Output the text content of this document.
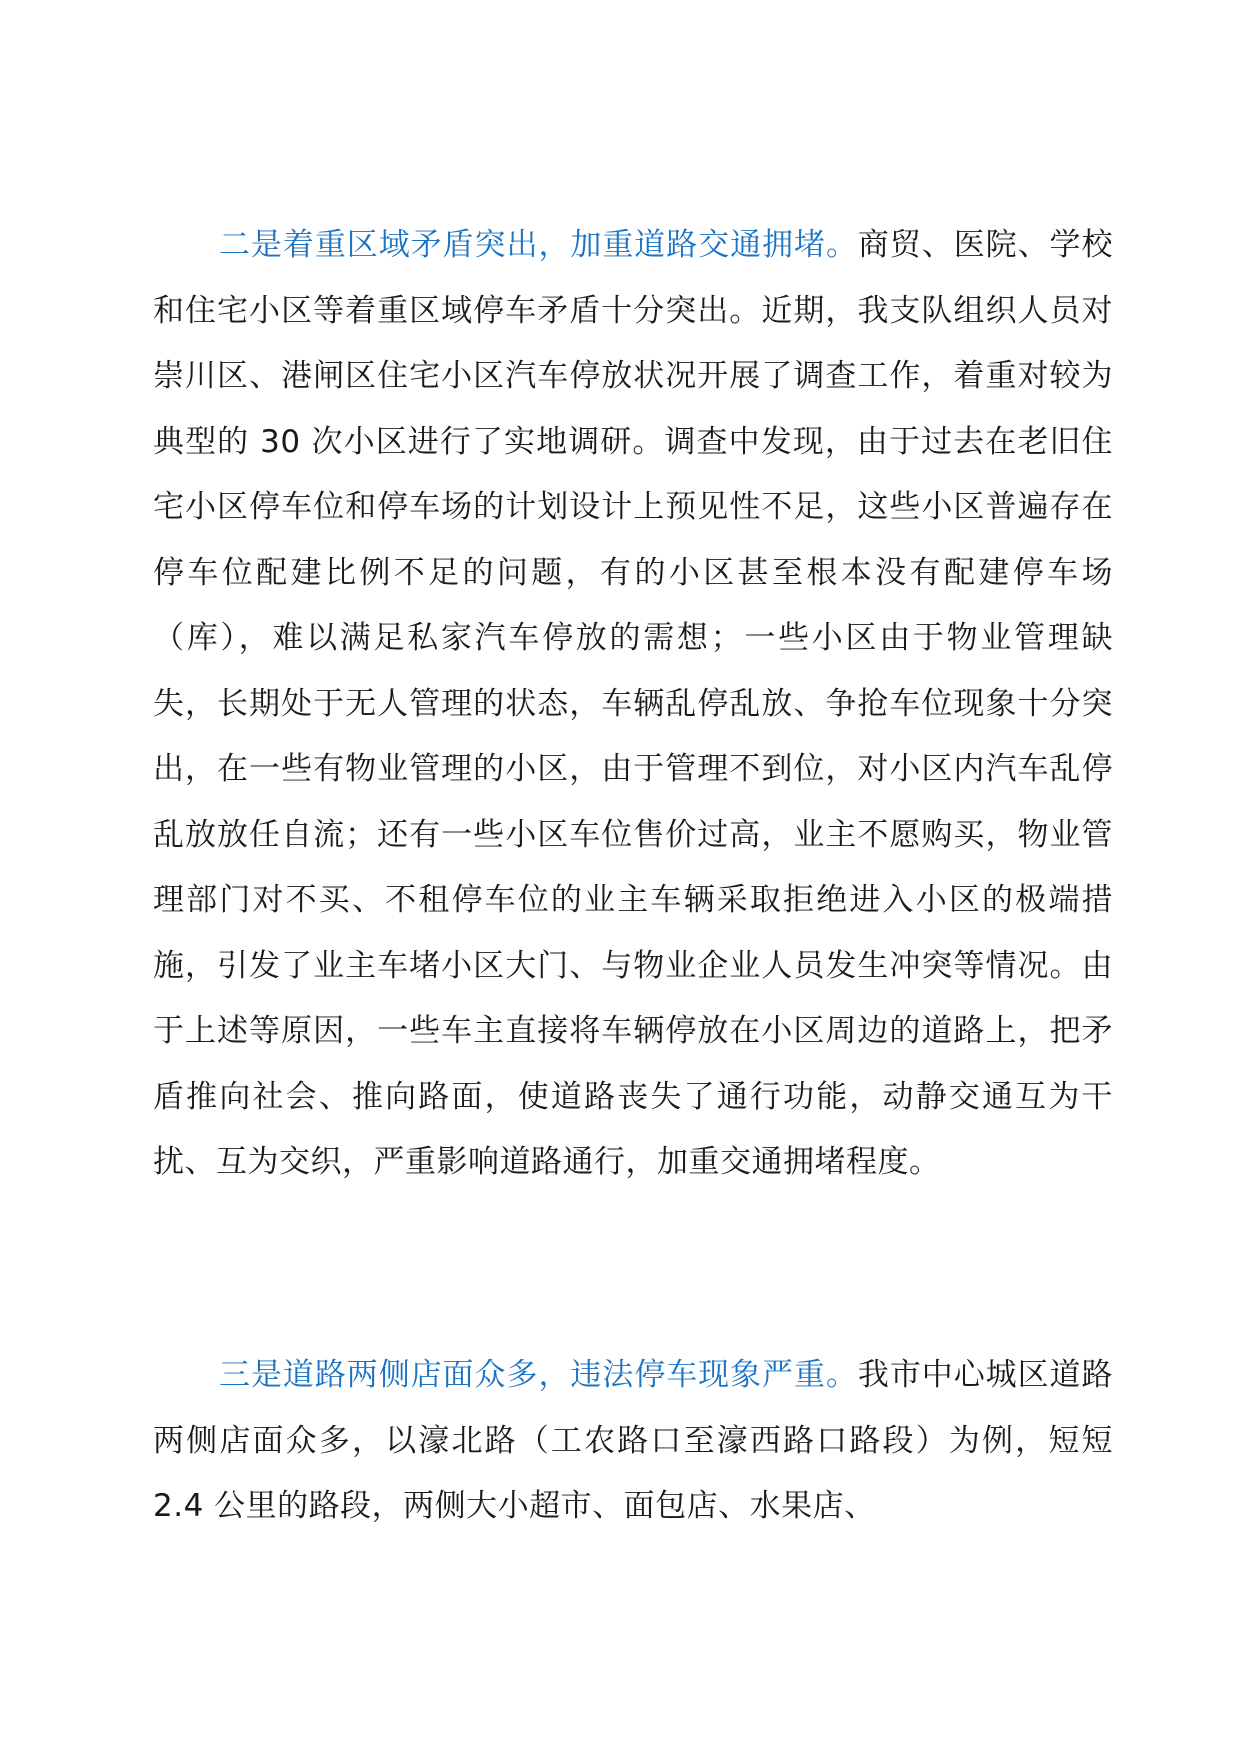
二是着重区域矛盾突出，加重道路交通拥堵。商贸、医院、学校和住宅小区等着重区域停车矛盾十分突出。近期，我支队组织人员对崇川区、港闸区住宅小区汽车停放状况开展了调查工作，着重对较为典型的 30 次小区进行了实地调研。调查中发现，由于过去在老旧住宅小区停车位和停车场的计划设计上预见性不足，这些小区普遍存在停车位配建比例不足的问题，有的小区甚至根本没有配建停车场（库），难以满足私家汽车停放的需想；一些小区由于物业管理缺失，长期处于无人管理的状态，车辆乱停乱放、争抢车位现象十分突出，在一些有物业管理的小区，由于管理不到位，对小区内汽车乱停乱放放任自流；还有一些小区车位售价过高，业主不愿购买，物业管理部门对不买、不租停车位的业主车辆采取拒绝进入小区的极端措施，引发了业主车堵小区大门、与物业企业人员发生冲突等情况。由于上述等原因，一些车主直接将车辆停放在小区周边的道路上，把矛盾推向社会、推向路面，使道路丧失了通行功能，动静交通互为干扰、互为交织，严重影响道路通行，加重交通拥堵程度。

三是道路两侧店面众多，违法停车现象严重。我市中心城区道路两侧店面众多，以濠北路（工农路口至濠西路口路段）为例，短短 2.4 公里的路段，两侧大小超市、面包店、水果店、
